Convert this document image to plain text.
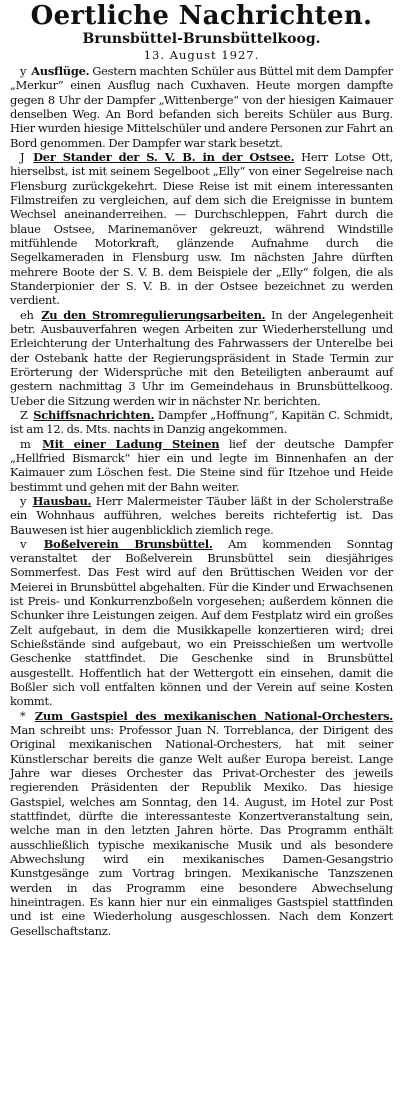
Oertliche Nachrichten.
Brunsbüttel-Brunsbüttelkoog.
13. August 1927.

y Ausflüge. Gestern machten Schüler aus Büttel mit dem Dampfer „Merkur“ einen Ausflug nach Cuxhaven. Heute morgen dampfte gegen 8 Uhr der Dampfer „Wittenberge“ von der hiesigen Kaimauer denselben Weg. An Bord befanden sich bereits Schüler aus Burg. Hier wurden hiesige Mittelschüler und andere Personen zur Fahrt an Bord genommen. Der Dampfer war stark besetzt.

J Der Stander der S. V. B. in der Ostsee. Herr Lotse Ott, hierselbst, ist mit seinem Segelboot „Elly“ von einer Segelreise nach Flensburg zurückgekehrt. Diese Reise ist mit einem interessanten Filmstreifen zu vergleichen, auf dem sich die Ereignisse in buntem Wechsel aneinanderreihen. — Durchschleppen, Fahrt durch die blaue Ostsee, Marinemanöver gekreuzt, während Windstille mitfühlende Motorkraft, glänzende Aufnahme durch die Segelkameraden in Flensburg usw. Im nächsten Jahre dürften mehrere Boote der S. V. B. dem Beispiele der „Elly“ folgen, die als Standerpionier der S. V. B. in der Ostsee bezeichnet zu werden verdient.

eh Zu den Stromregulierungsarbeiten. In der Angelegenheit betr. Ausbauverfahren wegen Arbeiten zur Wiederherstellung und Erleichterung der Unterhaltung des Fahrwassers der Unterelbe bei der Ostebank hatte der Regierungspräsident in Stade Termin zur Erörterung der Widersprüche mit den Beteiligten anberaumt auf gestern nachmittag 3 Uhr im Gemeindehaus in Brunsbüttelkoog. Ueber die Sitzung werden wir in nächster Nr. berichten.

Z Schiffsnachrichten. Dampfer „Hoffnung“, Kapitän C. Schmidt, ist am 12. ds. Mts. nachts in Danzig angekommen.

m Mit einer Ladung Steinen lief der deutsche Dampfer „Hellfried Bismarck“ hier ein und legte im Binnenhafen an der Kaimauer zum Löschen fest. Die Steine sind für Itzehoe und Heide bestimmt und gehen mit der Bahn weiter.

y Hausbau. Herr Malermeister Täuber läßt in der Scholerstraße ein Wohnhaus aufführen, welches bereits richtefertig ist. Das Bauwesen ist hier augenblicklich ziemlich rege.

v Boßelverein Brunsbüttel. Am kommenden Sonntag veranstaltet der Boßelverein Brunsbüttel sein diesjähriges Sommerfest. Das Fest wird auf den Brüttischen Weiden vor der Meierei in Brunsbüttel abgehalten. Für die Kinder und Erwachsenen ist Preis- und Konkurrenzboßeln vorgesehen; außerdem können die Schunker ihre Leistungen zeigen. Auf dem Festplatz wird ein großes Zelt aufgebaut, in dem die Musikkapelle konzertieren wird; drei Schießstände sind aufgebaut, wo ein Preisschießen um wertvolle Geschenke stattfindet. Die Geschenke sind in Brunsbüttel ausgestellt. Hoffentlich hat der Wettergott ein einsehen, damit die Boßler sich voll entfalten können und der Verein auf seine Kosten kommt.

* Zum Gastspiel des mexikanischen National-Orchesters. Man schreibt uns: Professor Juan N. Torreblanca, der Dirigent des Original mexikanischen National-Orchesters, hat mit seiner Künstlerschar bereits die ganze Welt außer Europa bereist. Lange Jahre war dieses Orchester das Privat-Orchester des jeweils regierenden Präsidenten der Republik Mexiko. Das hiesige Gastspiel, welches am Sonntag, den 14. August, im Hotel zur Post stattfindet, dürfte die interessanteste Konzertveranstaltung sein, welche man in den letzten Jahren hörte. Das Programm enthält ausschließlich typische mexikanische Musik und als besondere Abwechslung wird ein mexikanisches Damen-Gesangstrio Kunstgesänge zum Vortrag bringen. Mexikanische Tanzszenen werden in das Programm eine besondere Abwechselung hineintragen. Es kann hier nur ein einmaliges Gastspiel stattfinden und ist eine Wiederholung ausgeschlossen. Nach dem Konzert Gesellschaftstanz.
